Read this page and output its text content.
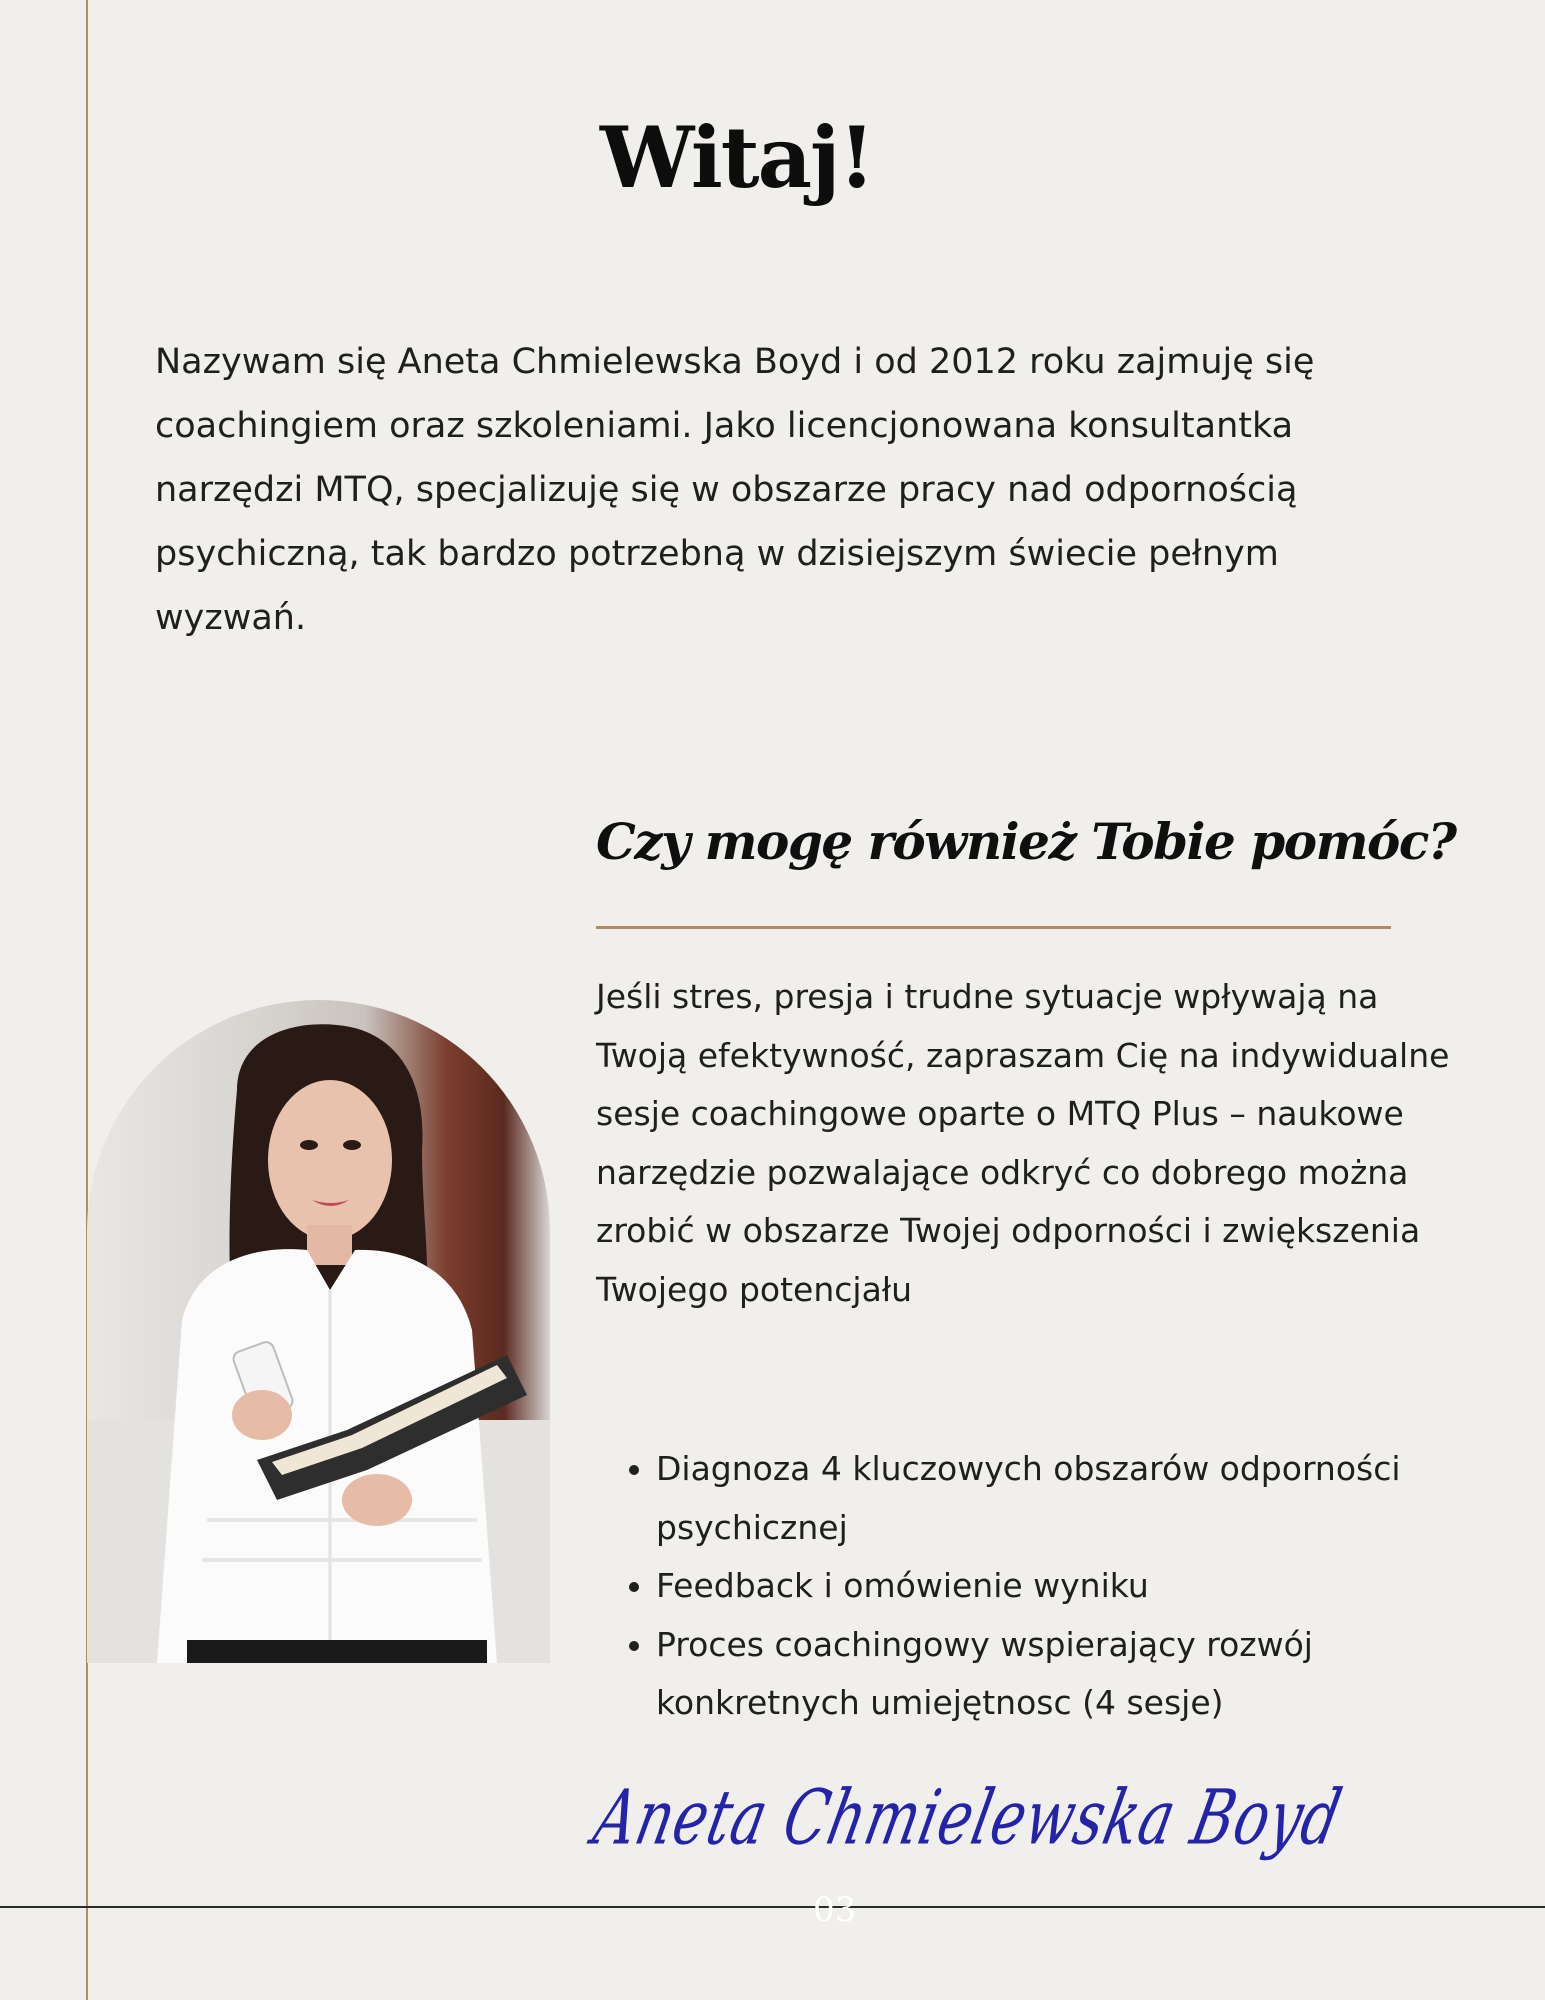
Witaj!

Nazywam się Aneta Chmielewska Boyd i od 2012 roku zajmuję się coachingiem oraz szkoleniami. Jako licencjonowana konsultantka narzędzi MTQ, specjalizuję się w obszarze pracy nad odpornością psychiczną, tak bardzo potrzebną w dzisiejszym świecie pełnym wyzwań.

Czy mogę również Tobie pomóc?

Jeśli stres, presja i trudne sytuacje wpływają na Twoją efektywność, zapraszam Cię na indywidualne sesje coachingowe oparte o MTQ Plus – naukowe narzędzie pozwalające odkryć co dobrego można zrobić w obszarze Twojej odporności i zwiększenia Twojego potencjału

• Diagnoza 4 kluczowych obszarów odporności psychicznej
• Feedback i omówienie wyniku
• Proces coachingowy wspierający rozwój konkretnych umiejętnosc (4 sesje)
Aneta Chmielewska Boyd
03
